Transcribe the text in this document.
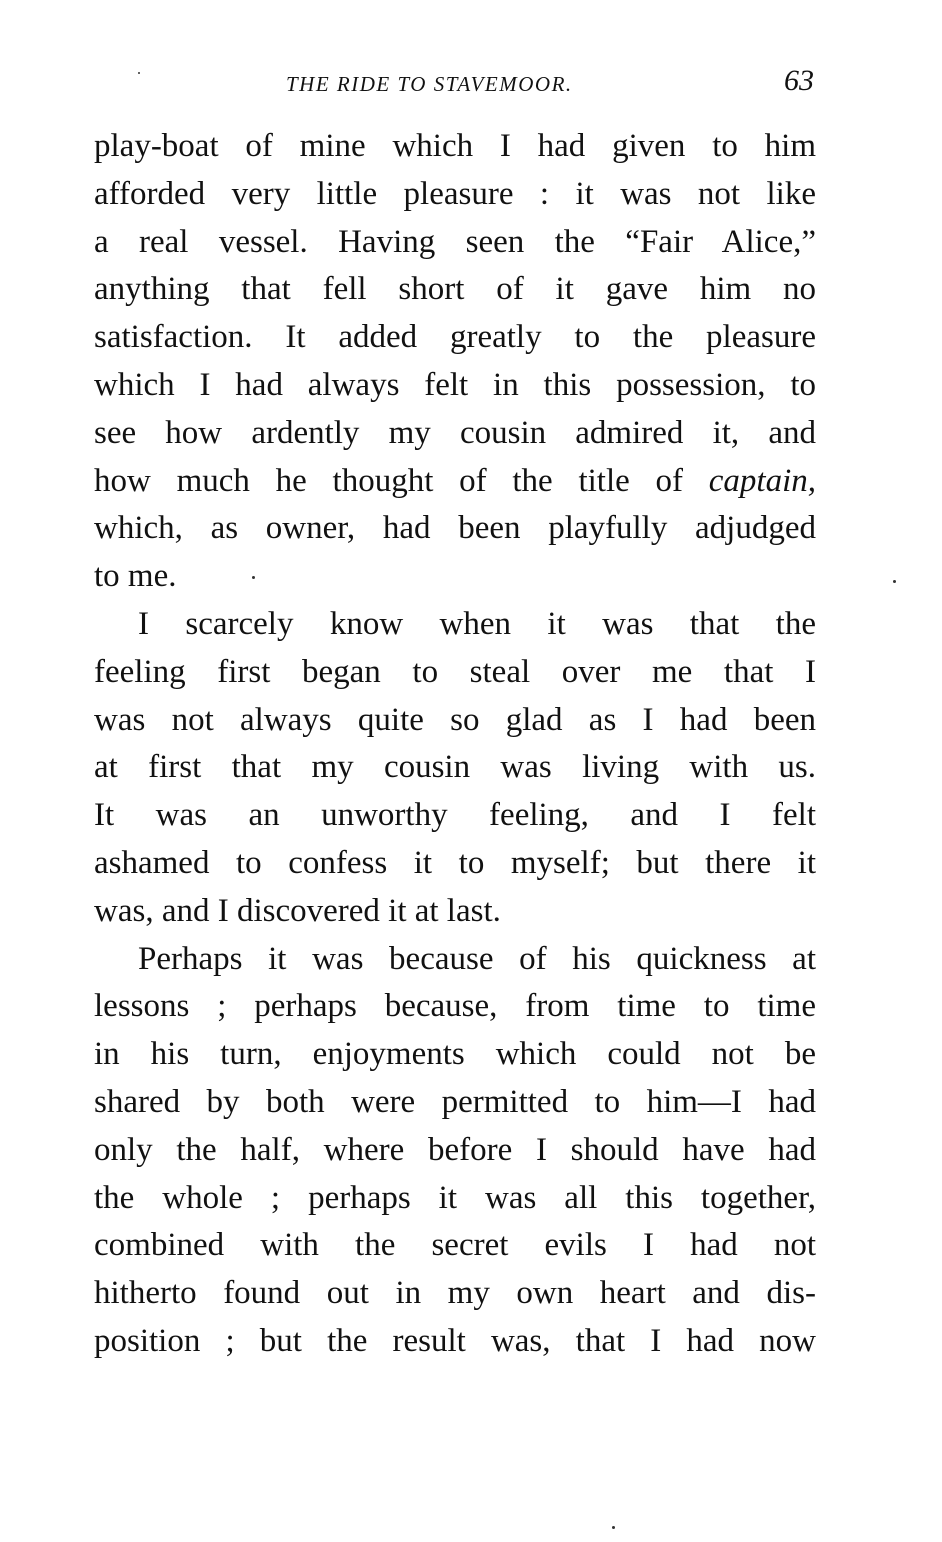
THE RIDE TO STAVEMOOR.	63
play-boat of mine which I had given to him
afforded very little pleasure : it was not like
a real vessel. Having seen the “Fair Alice,”
anything that fell short of it gave him no
satisfaction. It added greatly to the pleasure
which I had always felt in this possession, to
see how ardently my cousin admired it, and
how much he thought of the title of captain,
which, as owner, had been playfully adjudged
to me.
I scarcely know when it was that the
feeling first began to steal over me that I
was not always quite so glad as I had been
at first that my cousin was living with us.
It was an unworthy feeling, and I felt
ashamed to confess it to myself; but there it
was, and I discovered it at last.
Perhaps it was because of his quickness at
lessons ; perhaps because, from time to time
in his turn, enjoyments which could not be
shared by both were permitted to him—I had
only the half, where before I should have had
the whole ; perhaps it was all this together,
combined with the secret evils I had not
hitherto found out in my own heart and dis-
position ; but the result was, that I had now
